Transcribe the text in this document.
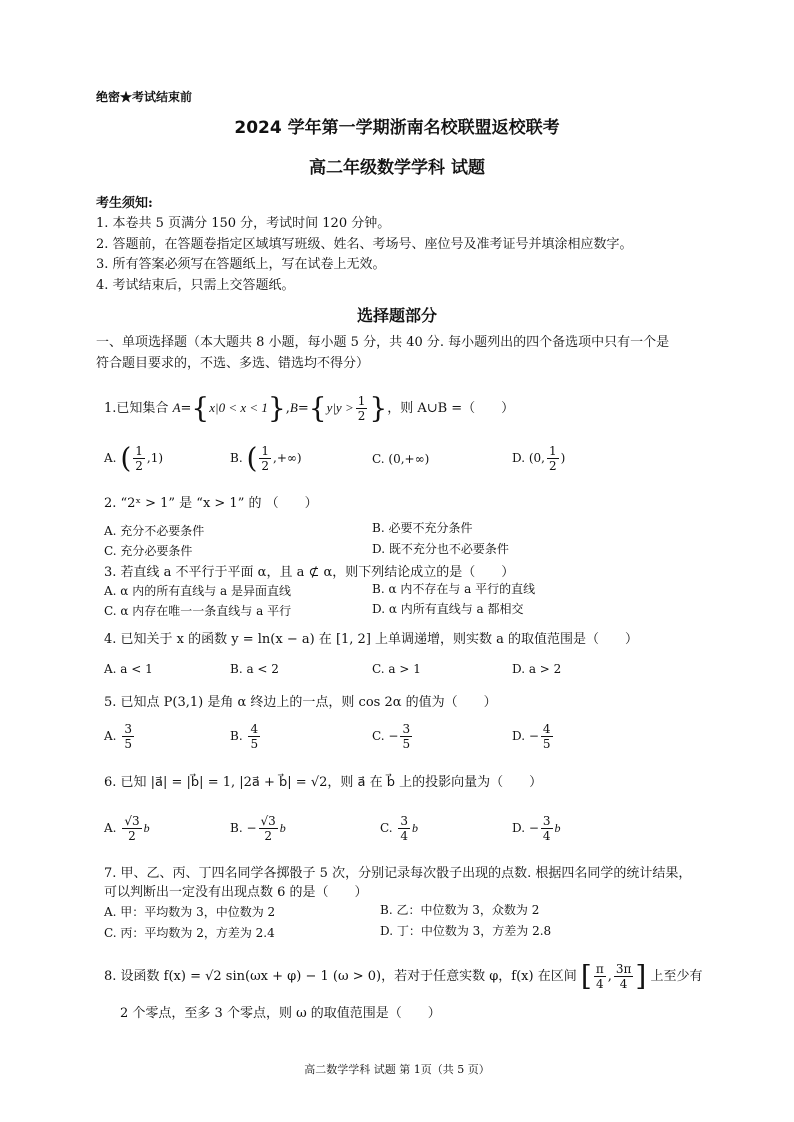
绝密★考试结束前
2024 学年第一学期浙南名校联盟返校联考
高二年级数学学科 试题
考生须知:
1. 本卷共 5 页满分 150 分，考试时间 120 分钟。
2. 答题前，在答题卷指定区域填写班级、姓名、考场号、座位号及准考证号并填涂相应数字。
3. 所有答案必须写在答题纸上，写在试卷上无效。
4. 考试结束后，只需上交答题纸。
选择题部分
一、单项选择题（本大题共 8 小题，每小题 5 分，共 40 分. 每小题列出的四个备选项中只有一个是
符合题目要求的，不选、多选、错选均不得分）
1.已知集合 $A=\{x|0 < x < 1\},B=\{y|y > \frac{1}{2}$ }，则 A∪B =（　　）
A. ( $\frac{1}{2} ,1$)	B. ( $\frac{1}{2}$ ,+∞)	C. (0,+∞)	D. (0, $\frac{1}{2}$ )
2. “2ˣ > 1” 是 “x > 1” 的 （　　）
A. 充分不必要条件	B. 必要不充分条件
C. 充分必要条件	D. 既不充分也不必要条件
3. 若直线 a 不平行于平面 α，且 a ⊄ α，则下列结论成立的是（　　）
A. α 内的所有直线与 a 是异面直线	B. α 内不存在与 a 平行的直线
C. α 内存在唯一一条直线与 a 平行	D. α 内所有直线与 a 都相交
4. 已知关于 x 的函数 y = ln(x − a) 在 [1, 2] 上单调递增，则实数 a 的取值范围是（　　）
A. a < 1	B. a < 2	C. a > 1	D. a > 2
5. 已知点 P(3,1) 是角 α 终边上的一点，则 cos 2α 的值为（　　）
A. $\frac{3}{5}$	B. $\frac{4}{5}$	C. − $\frac{3}{5}$	D. − $\frac{4}{5}$
6. 已知 |a⃗| = |b⃗| = 1, |2a⃗ + b⃗| = √2，则 a⃗ 在 b⃗ 上的投影向量为（　　）
A. $\frac{√3}{2}$ b⃗	B. − $\frac{√3}{2}$ b⃗	C. $\frac{3}{4}$ b⃗	D. − $\frac{3}{4}$ b⃗
7. 甲、乙、丙、丁四名同学各掷骰子 5 次，分别记录每次骰子出现的点数. 根据四名同学的统计结果，
可以判断出一定没有出现点数 6 的是（　　）
A. 甲：平均数为 3，中位数为 2	B. 乙：中位数为 3，众数为 2
C. 丙：平均数为 2，方差为 2.4	D. 丁：中位数为 3，方差为 2.8
8. 设函数 f(x) = √2 sin(ωx + φ) − 1 (ω > 0)，若对于任意实数 φ，f(x) 在区间 [ $\frac{\pi}{4}$ , $\frac{3\pi}{4}$ ] 上至少有
2 个零点，至多 3 个零点，则 ω 的取值范围是（　　）
高二数学学科 试题 第 1页（共 5 页）
